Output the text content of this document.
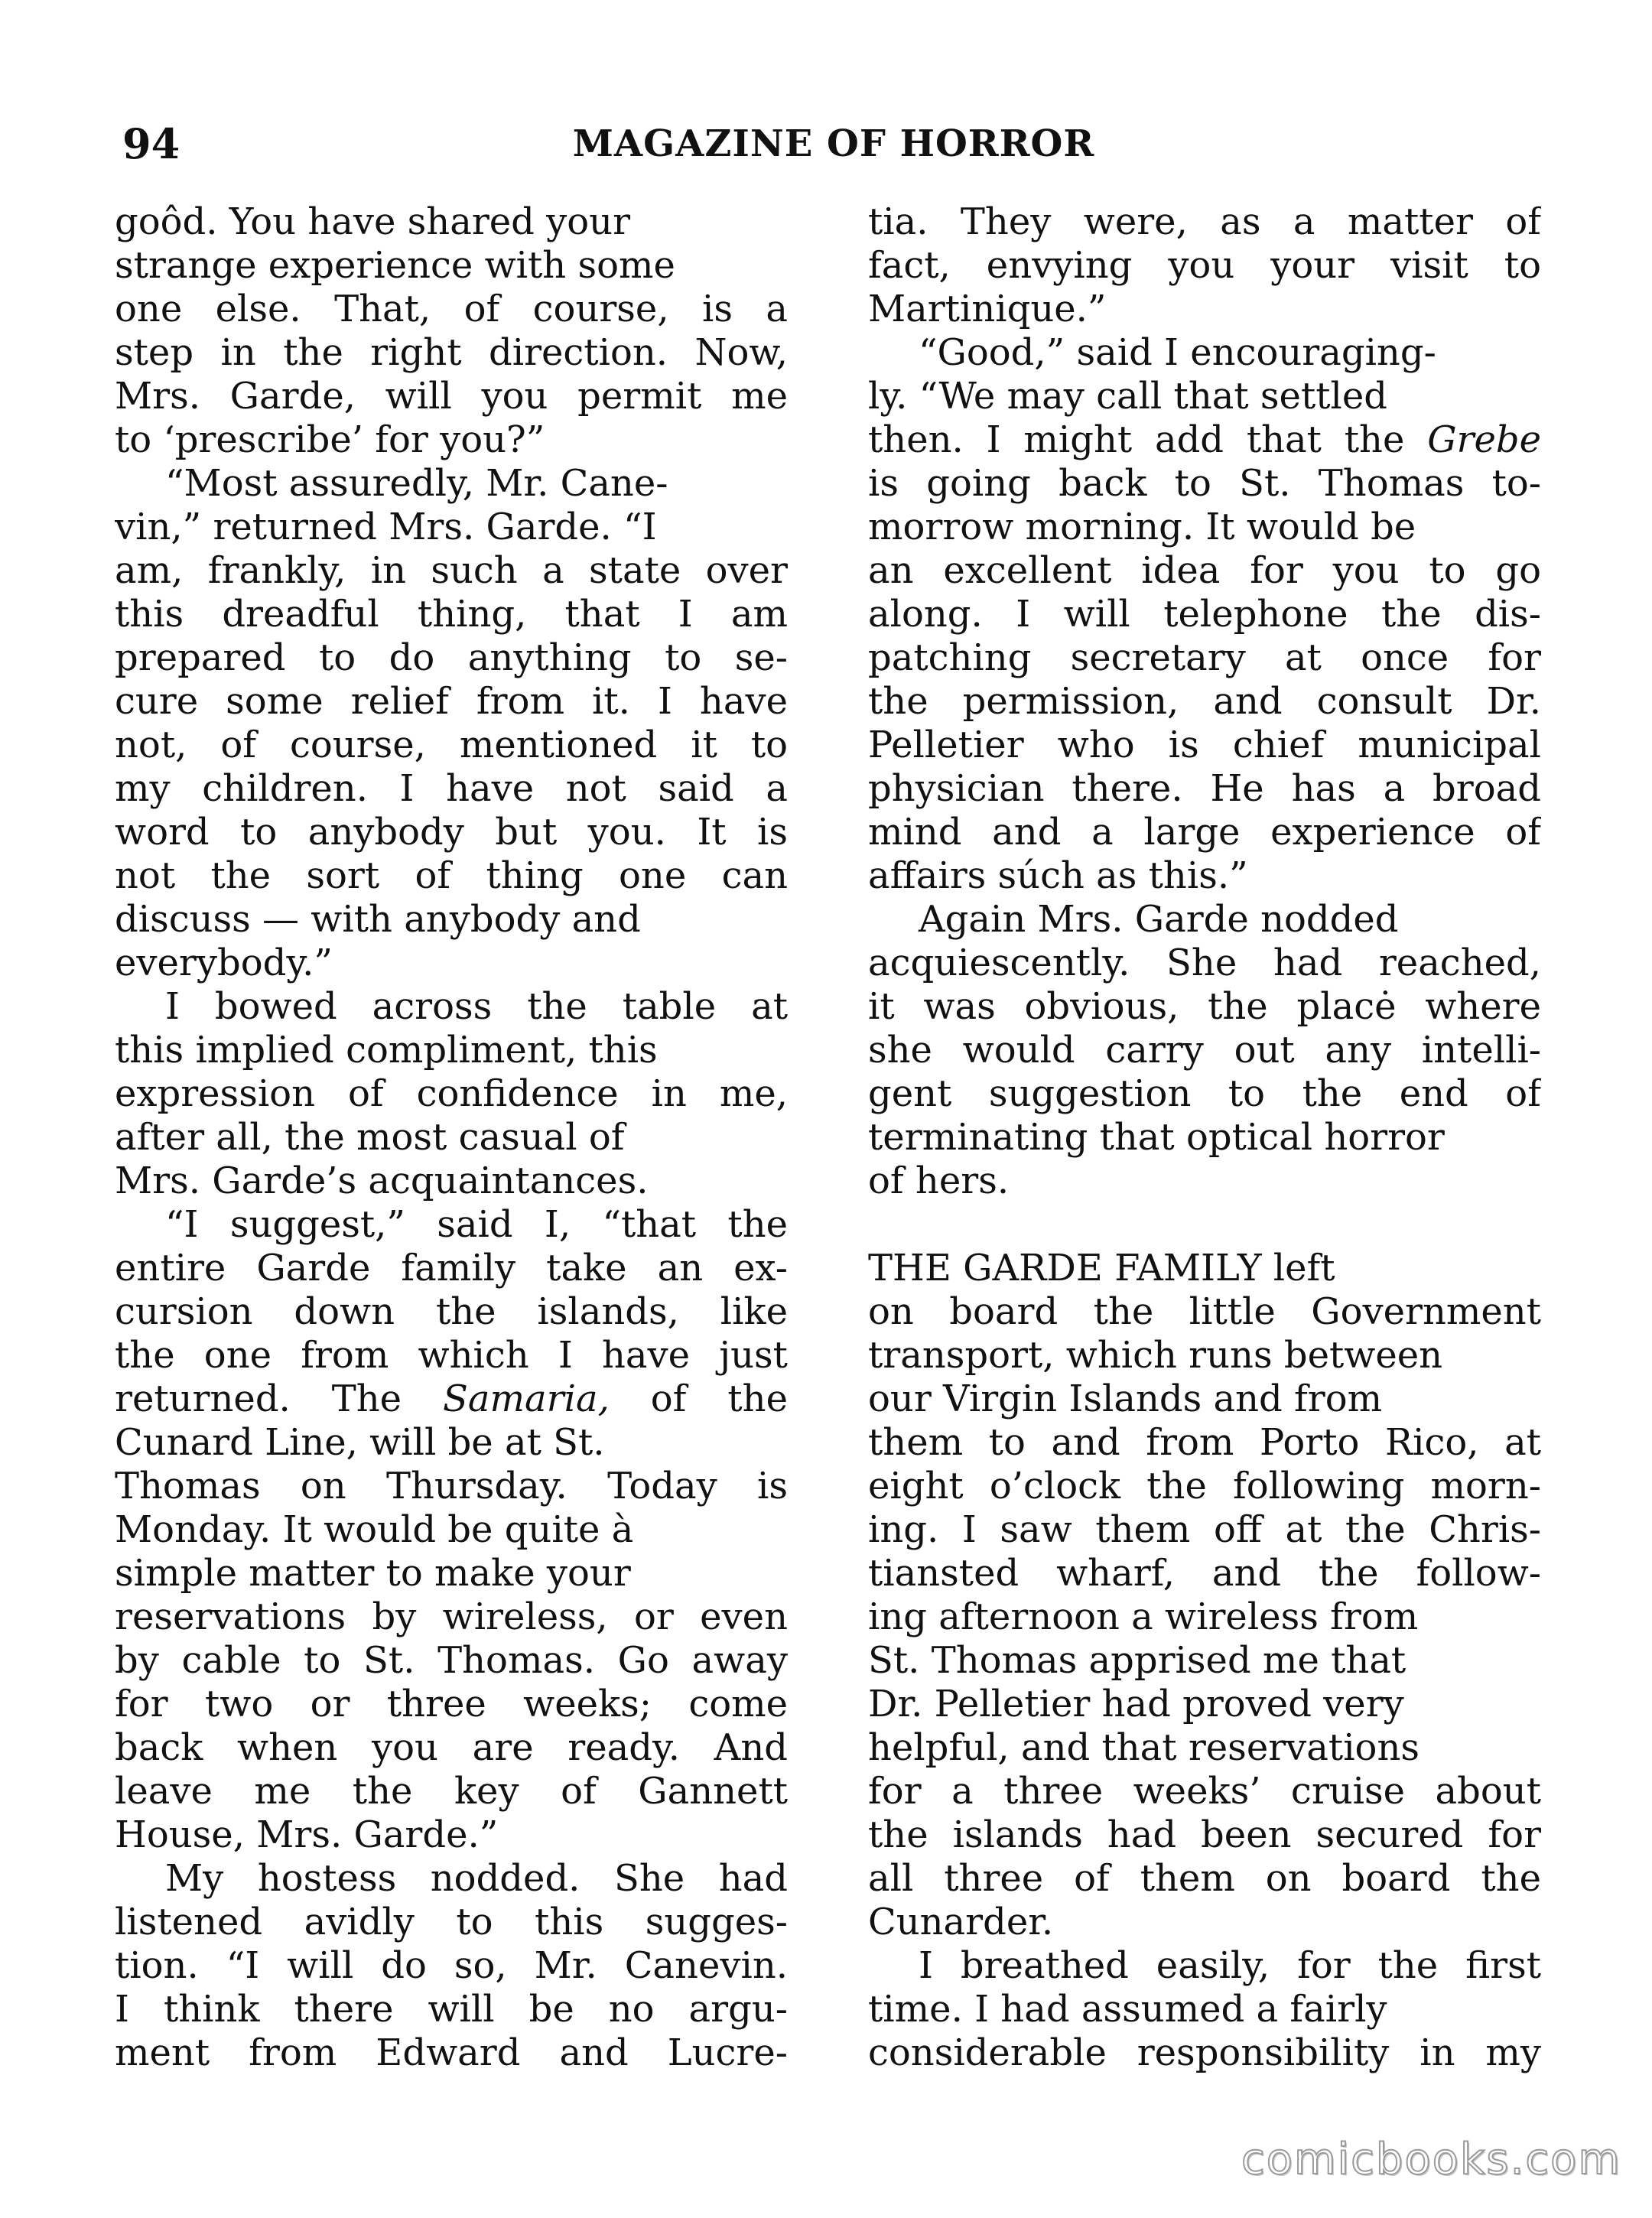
94	MAGAZINE OF HORROR
goôd. You have shared your
strange experience with some
one else. That, of course, is a
step in the right direction. Now,
Mrs. Garde, will you permit me
to ‘prescribe’ for you?”
“Most assuredly, Mr. Cane-
vin,” returned Mrs. Garde. “I
am, frankly, in such a state over
this dreadful thing, that I am
prepared to do anything to se-
cure some relief from it. I have
not, of course, mentioned it to
my children. I have not said a
word to anybody but you. It is
not the sort of thing one can
discuss — with anybody and
everybody.”
I bowed across the table at
this implied compliment, this
expression of confidence in me,
after all, the most casual of
Mrs. Garde’s acquaintances.
“I suggest,” said I, “that the
entire Garde family take an ex-
cursion down the islands, like
the one from which I have just
returned. The Samaria, of the
Cunard Line, will be at St.
Thomas on Thursday. Today is
Monday. It would be quite à
simple matter to make your
reservations by wireless, or even
by cable to St. Thomas. Go away
for two or three weeks; come
back when you are ready. And
leave me the key of Gannett
House, Mrs. Garde.”
My hostess nodded. She had
listened avidly to this sugges-
tion. “I will do so, Mr. Canevin.
I think there will be no argu-
ment from Edward and Lucre-
tia. They were, as a matter of
fact, envying you your visit to
Martinique.”
“Good,” said I encouraging-
ly. “We may call that settled
then. I might add that the Grebe
is going back to St. Thomas to-
morrow morning. It would be
an excellent idea for you to go
along. I will telephone the dis-
patching secretary at once for
the permission, and consult Dr.
Pelletier who is chief municipal
physician there. He has a broad
mind and a large experience of
affairs súch as this.”
Again Mrs. Garde nodded
acquiescently. She had reached,
it was obvious, the placė where
she would carry out any intelli-
gent suggestion to the end of
terminating that optical horror
of hers.
THE GARDE FAMILY left
on board the little Government
transport, which runs between
our Virgin Islands and from
them to and from Porto Rico, at
eight o’clock the following morn-
ing. I saw them off at the Chris-
tiansted wharf, and the follow-
ing afternoon a wireless from
St. Thomas apprised me that
Dr. Pelletier had proved very
helpful, and that reservations
for a three weeks’ cruise about
the islands had been secured for
all three of them on board the
Cunarder.
I breathed easily, for the first
time. I had assumed a fairly
considerable responsibility in my
comicbooks.com
